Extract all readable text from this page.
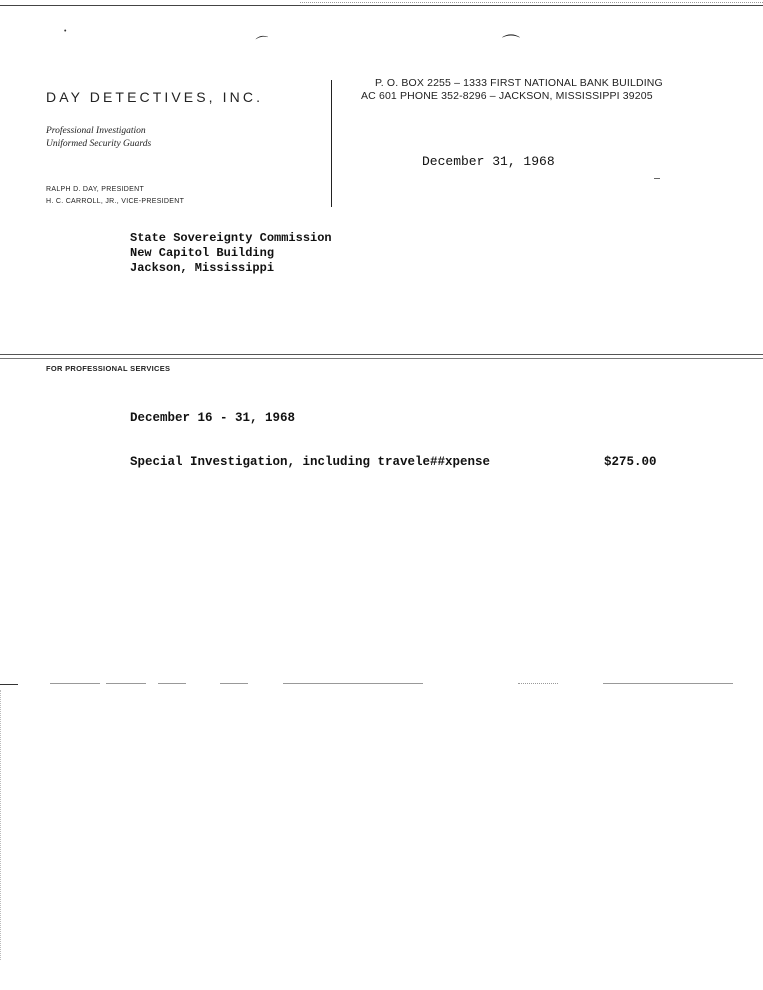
•
⌒	⌒
DAY DETECTIVES, INC.
Professional Investigation
Uniformed Security Guards
RALPH D. DAY, PRESIDENT
H. C. CARROLL, JR., VICE-PRESIDENT
P. O. BOX 2255 – 1333 FIRST NATIONAL BANK BUILDING
AC 601 PHONE 352-8296 – JACKSON, MISSISSIPPI 39205
December 31, 1968
State Sovereignty Commission
New Capitol Building
Jackson, Mississippi
FOR PROFESSIONAL SERVICES
December 16 - 31, 1968
Special Investigation, including travele##xpense	$275.00
